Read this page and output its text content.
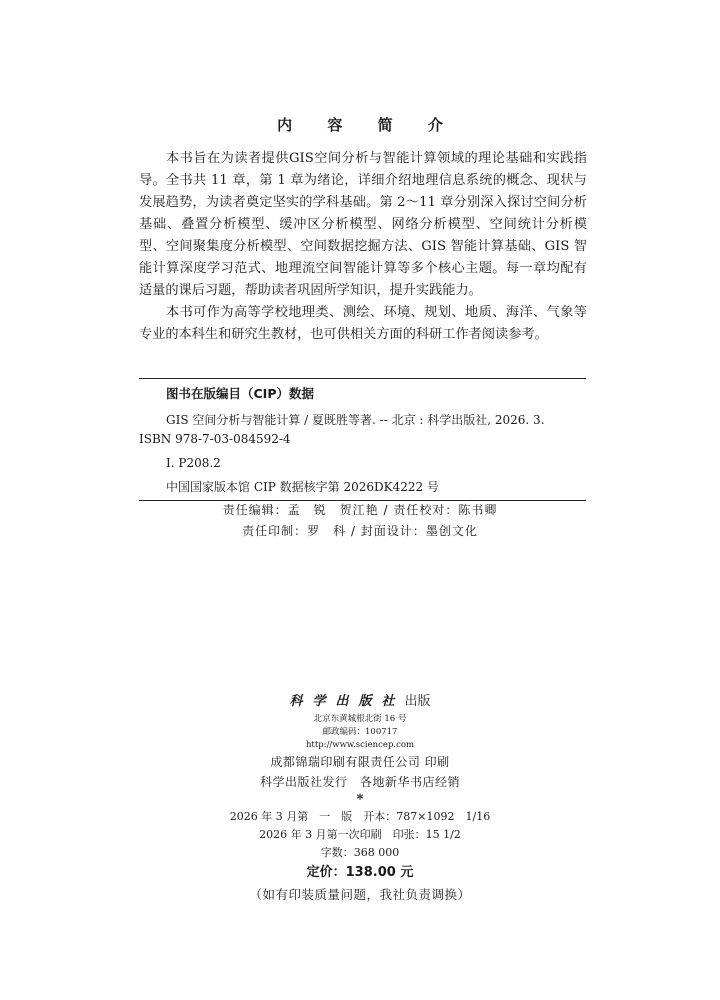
内 容 简 介

本书旨在为读者提供GIS空间分析与智能计算领域的理论基础和实践指导。全书共 11 章，第 1 章为绪论，详细介绍地理信息系统的概念、现状与发展趋势，为读者奠定坚实的学科基础。第 2～11 章分别深入探讨空间分析基础、叠置分析模型、缓冲区分析模型、网络分析模型、空间统计分析模型、空间聚集度分析模型、空间数据挖掘方法、GIS 智能计算基础、GIS 智能计算深度学习范式、地理流空间智能计算等多个核心主题。每一章均配有适量的课后习题，帮助读者巩固所学知识，提升实践能力。

本书可作为高等学校地理类、测绘、环境、规划、地质、海洋、气象等专业的本科生和研究生教材，也可供相关方面的科研工作者阅读参考。

图书在版编目（CIP）数据
GIS 空间分析与智能计算 / 夏既胜等著. -- 北京 : 科学出版社, 2026. 3.
ISBN 978-7-03-084592-4
Ⅰ. P208.2
中国国家版本馆 CIP 数据核字第 2026DK4222 号
责任编辑：孟　锐　贺江艳 / 责任校对：陈书卿
责任印制：罗　科 / 封面设计：墨创文化
科学出版社出版
北京东黄城根北街 16 号
邮政编码：100717
http://www.sciencep.com
成都锦瑞印刷有限责任公司 印刷
科学出版社发行　各地新华书店经销
*
2026 年 3 月第　一　版　开本：787×1092　1/16
2026 年 3 月第一次印刷　印张：15 1/2
字数：368 000
定价：138.00 元
（如有印装质量问题，我社负责调换）
